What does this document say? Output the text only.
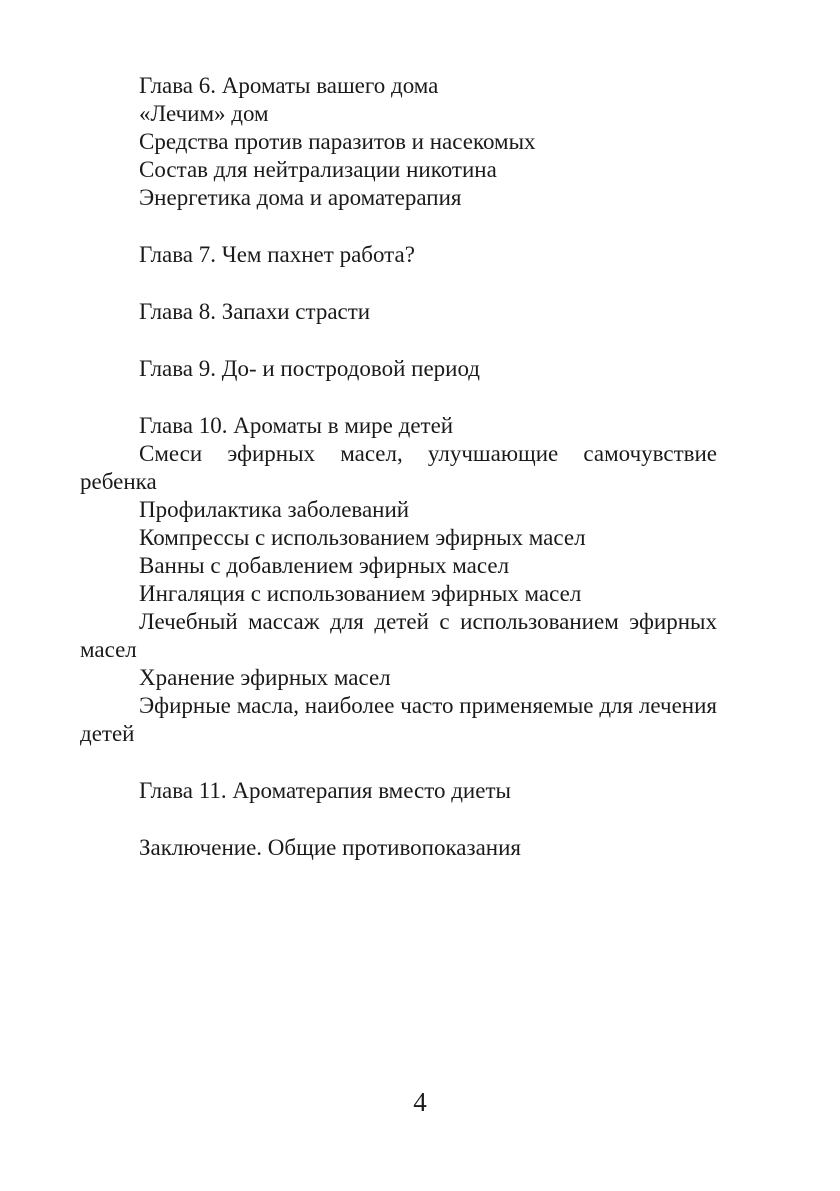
Глава 6. Ароматы вашего дома

«Лечим» дом

Средства против паразитов и насекомых

Состав для нейтрализации никотина

Энергетика дома и ароматерапия

Глава 7. Чем пахнет работа?

Глава 8. Запахи страсти

Глава 9. До- и постродовой период

Глава 10. Ароматы в мире детей

Смеси эфирных масел, улучшающие самочувствие ребенка

Профилактика заболеваний

Компрессы с использованием эфирных масел

Ванны с добавлением эфирных масел

Ингаляция с использованием эфирных масел

Лечебный массаж для детей с использованием эфирных масел

Хранение эфирных масел

Эфирные масла, наиболее часто применяемые для лечения детей

Глава 11. Ароматерапия вместо диеты

Заключение. Общие противопоказания

4
